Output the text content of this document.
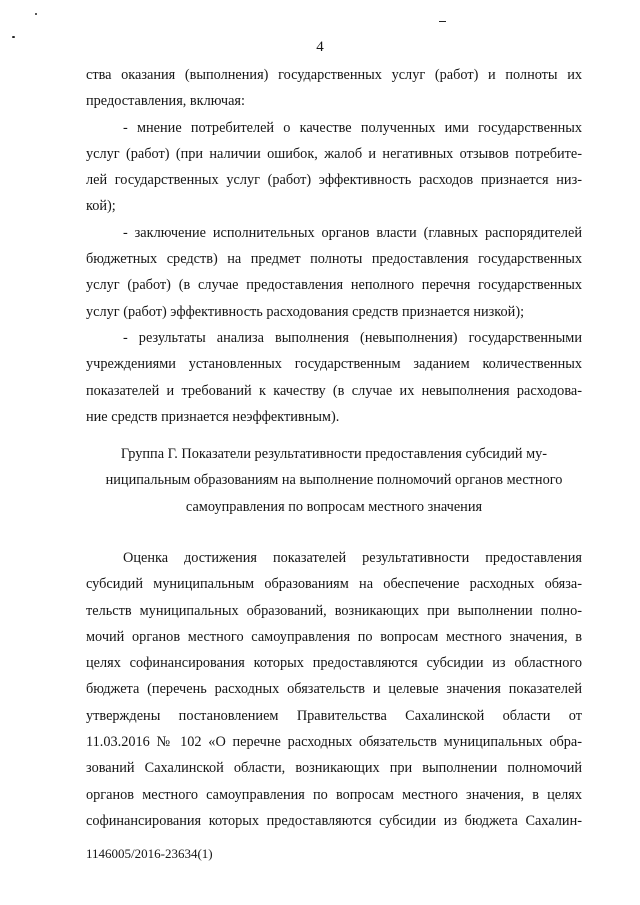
4
ства оказания (выполнения) государственных услуг (работ) и полноты их
предоставления, включая:
- мнение потребителей о качестве полученных ими государственных
услуг (работ) (при наличии ошибок, жалоб и негативных отзывов потребите-
лей государственных услуг (работ) эффективность расходов признается низ-
кой);
- заключение исполнительных органов власти (главных распорядителей
бюджетных средств) на предмет полноты предоставления государственных
услуг (работ) (в случае предоставления неполного перечня государственных
услуг (работ) эффективность расходования средств признается низкой);
- результаты анализа выполнения (невыполнения) государственными
учреждениями установленных государственным заданием количественных
показателей и требований к качеству (в случае их невыполнения расходова-
ние средств признается неэффективным).
Группа Г. Показатели результативности предоставления субсидий му-
ниципальным образованиям на выполнение полномочий органов местного
самоуправления по вопросам местного значения
Оценка достижения показателей результативности предоставления
субсидий муниципальным образованиям на обеспечение расходных обяза-
тельств муниципальных образований, возникающих при выполнении полно-
мочий органов местного самоуправления по вопросам местного значения, в
целях софинансирования которых предоставляются субсидии из областного
бюджета (перечень расходных обязательств и целевые значения показателей
утверждены постановлением Правительства Сахалинской области от
11.03.2016 № 102 «О перечне расходных обязательств муниципальных обра-
зований Сахалинской области, возникающих при выполнении полномочий
органов местного самоуправления по вопросам местного значения, в целях
софинансирования которых предоставляются субсидии из бюджета Сахалин-
1146005/2016-23634(1)
